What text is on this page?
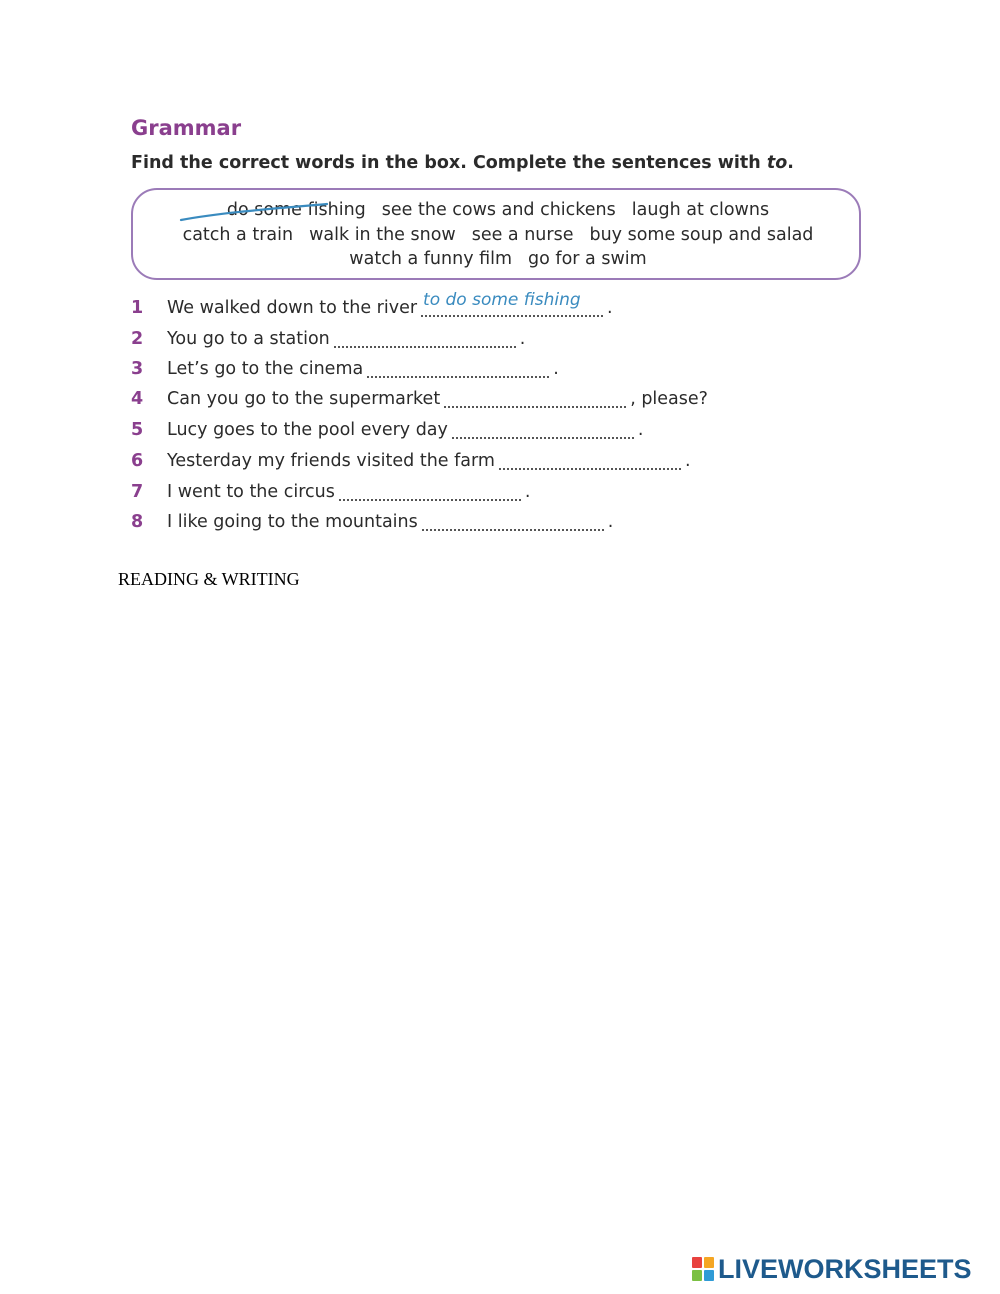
Grammar
Find the correct words in the box. Complete the sentences with to.
do some fishing see the cows and chickens laugh at clowns
catch a train walk in the snow see a nurse buy some soup and salad
watch a funny film go for a swim
1 We walked down to the river to do some fishing .
2 You go to a station	.
3 Let’s go to the cinema	.
4 Can you go to the supermarket	, please?
5 Lucy goes to the pool every day	.
6 Yesterday my friends visited the farm	.
7 I went to the circus	.
8 I like going to the mountains	.
READING & WRITING
LIVEWORKSHEETS
